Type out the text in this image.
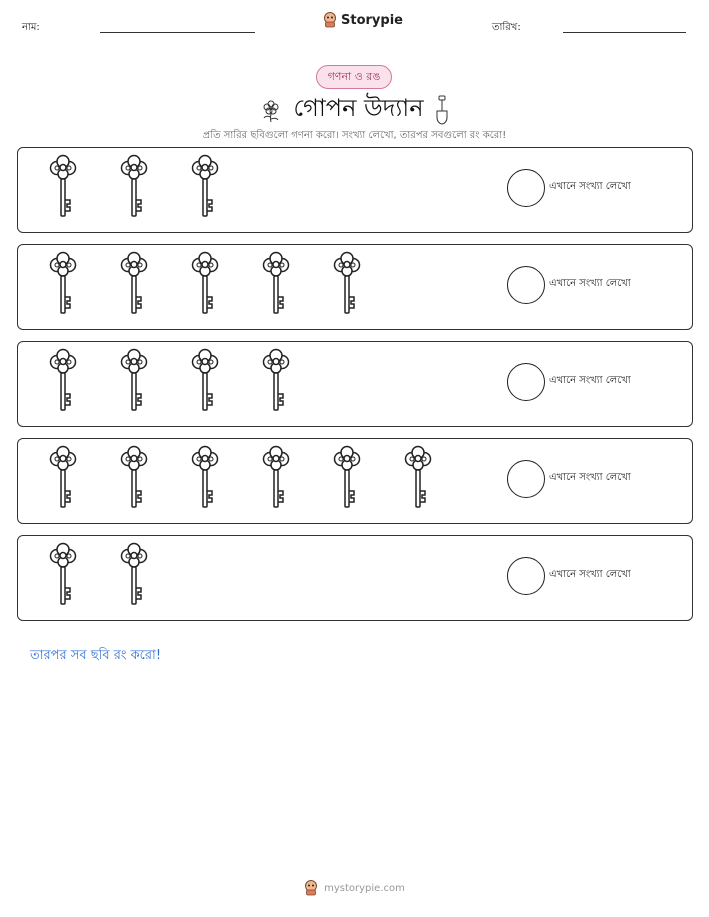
নাম:	Storypie	তারিখ:
গণনা ও রঙ
গোপন উদ্যান
প্রতি সারির ছবিগুলো গণনা করো। সংখ্যা লেখো, তারপর সবগুলো রং করো!
এখানে সংখ্যা লেখো
এখানে সংখ্যা লেখো
এখানে সংখ্যা লেখো
এখানে সংখ্যা লেখো
এখানে সংখ্যা লেখো
তারপর সব ছবি রং করো!
mystorypie.com
